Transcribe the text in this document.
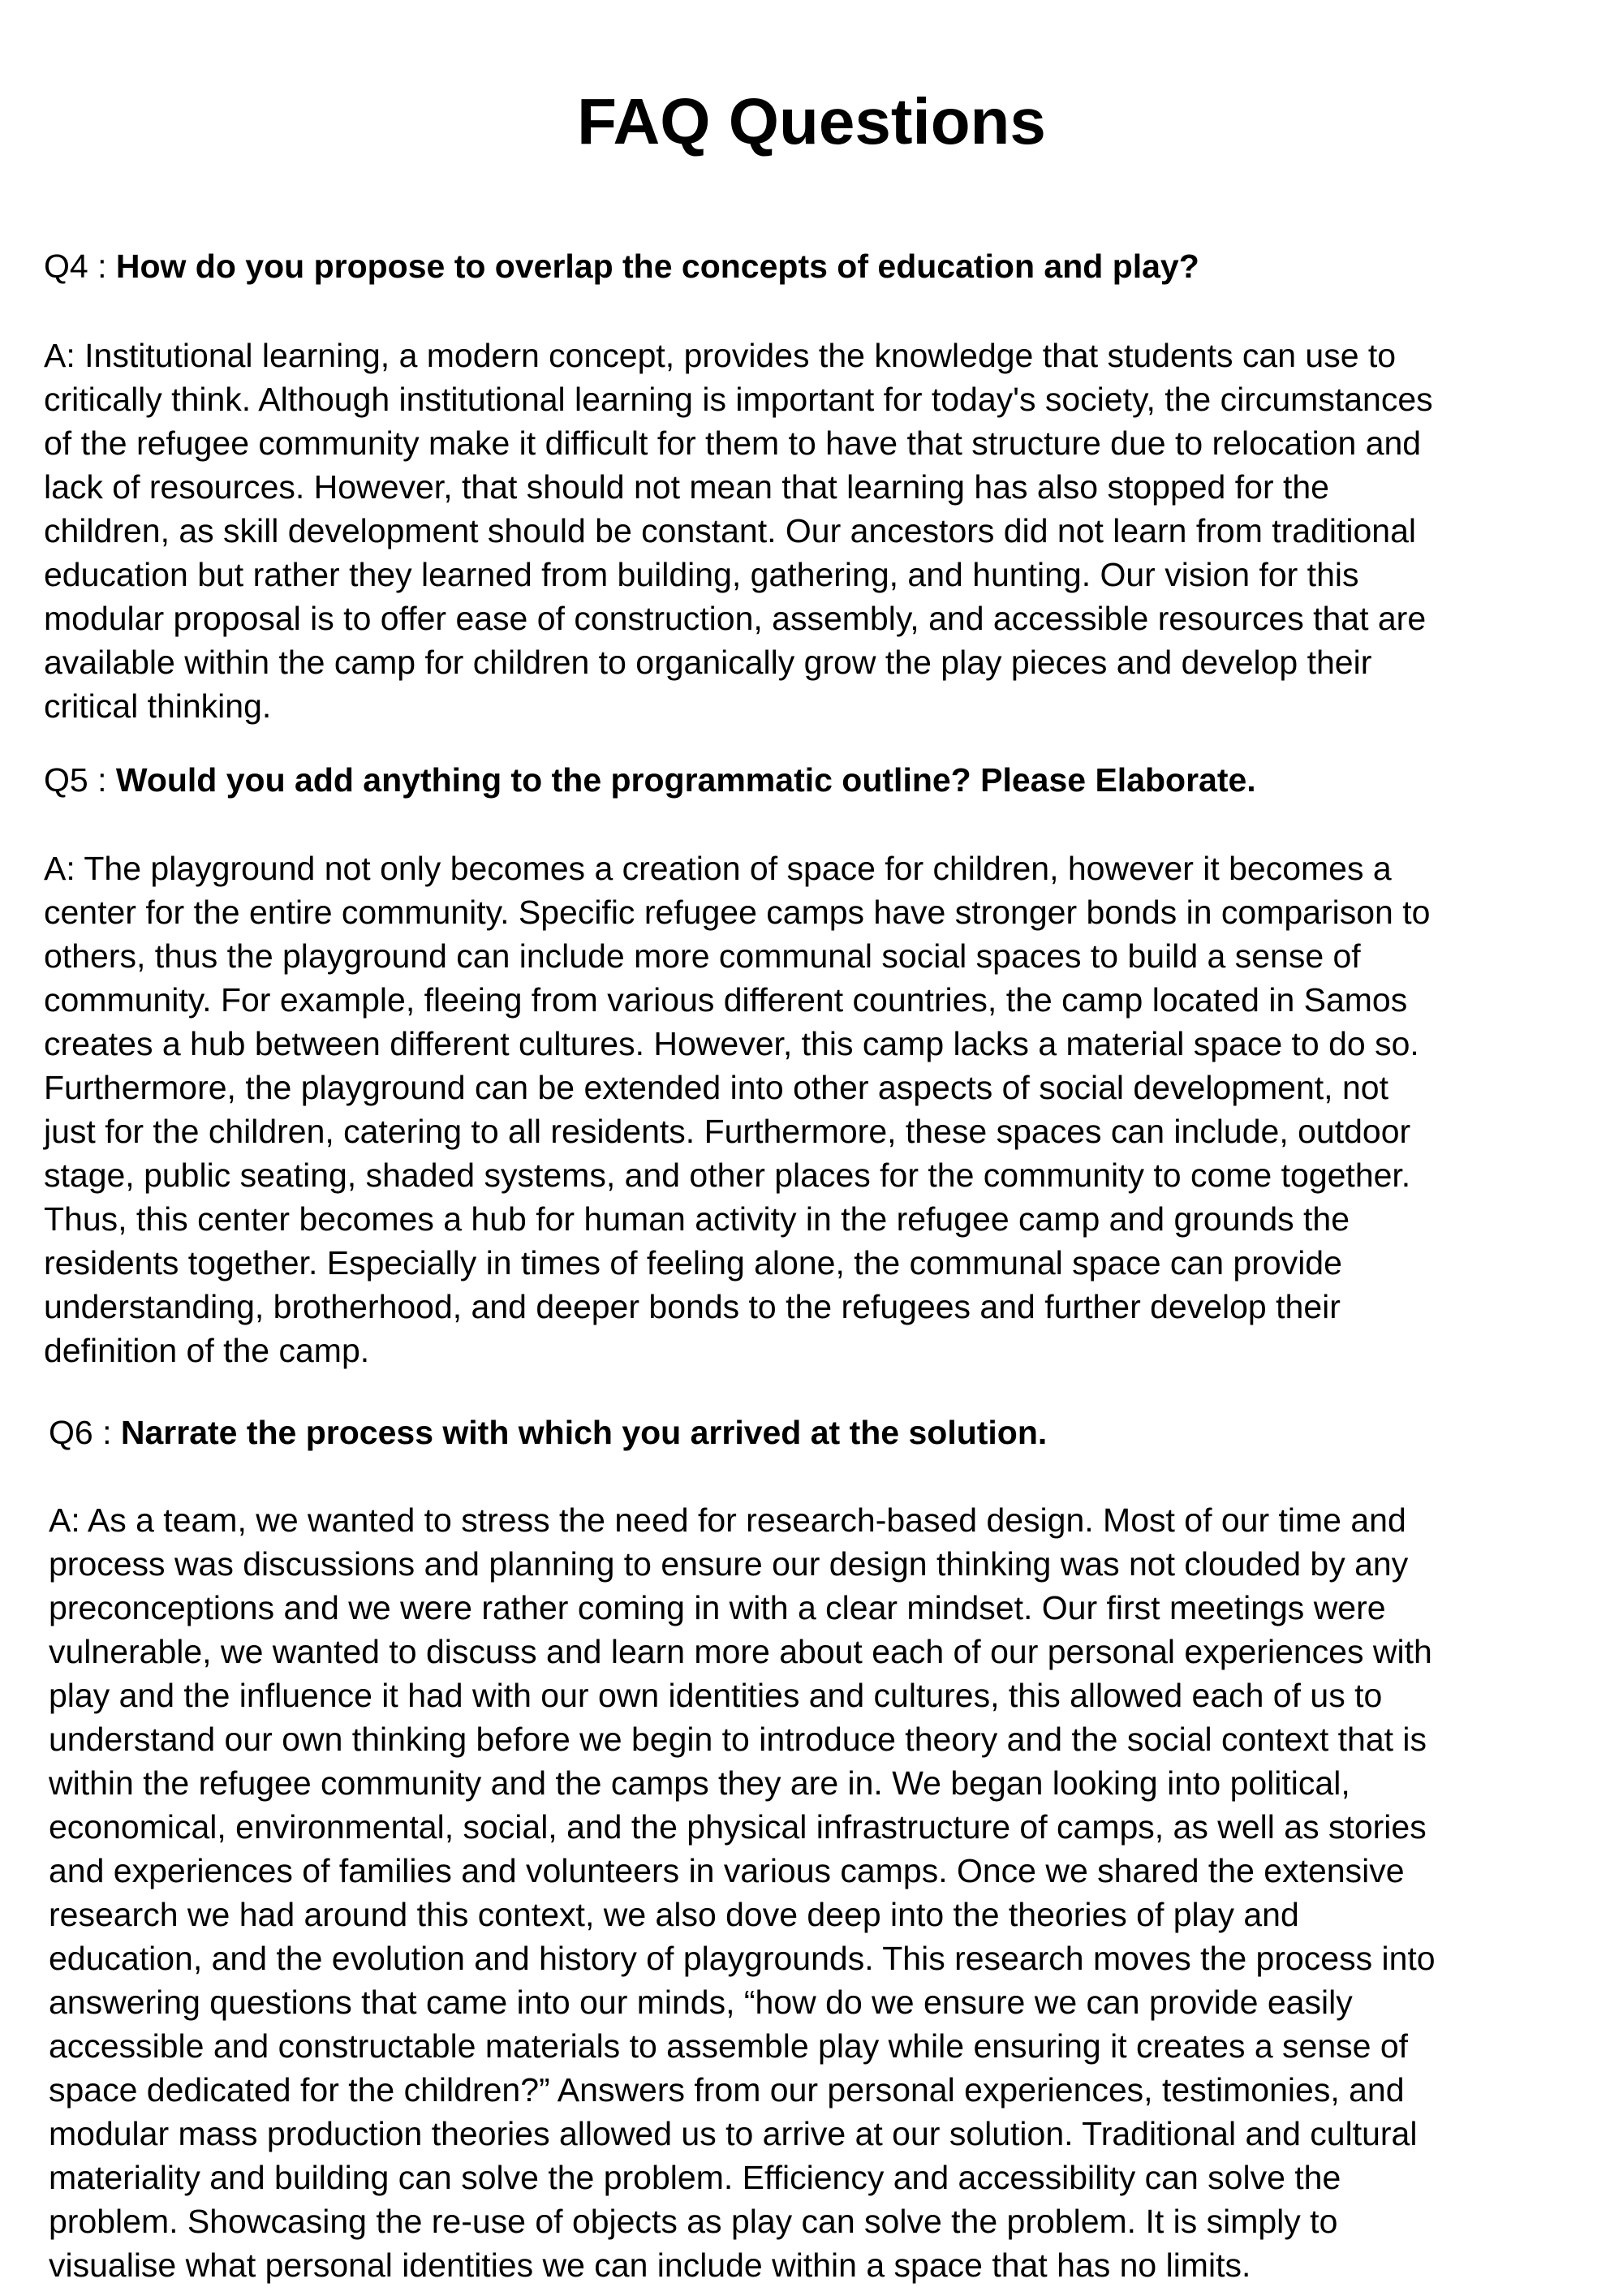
FAQ Questions

Q4 : How do you propose to overlap the concepts of education and play?

A: Institutional learning, a modern concept, provides the knowledge that students can use to
critically think. Although institutional learning is important for today's society, the circumstances
of the refugee community make it difficult for them to have that structure due to relocation and
lack of resources. However, that should not mean that learning has also stopped for the
children, as skill development should be constant. Our ancestors did not learn from traditional
education but rather they learned from building, gathering, and hunting. Our vision for this
modular proposal is to offer ease of construction, assembly, and accessible resources that are
available within the camp for children to organically grow the play pieces and develop their
critical thinking.

Q5 : Would you add anything to the programmatic outline? Please Elaborate.

A: The playground not only becomes a creation of space for children, however it becomes a
center for the entire community. Specific refugee camps have stronger bonds in comparison to
others, thus the playground can include more communal social spaces to build a sense of
community. For example, fleeing from various different countries, the camp located in Samos
creates a hub between different cultures. However, this camp lacks a material space to do so.
Furthermore, the playground can be extended into other aspects of social development, not
just for the children, catering to all residents. Furthermore, these spaces can include, outdoor
stage, public seating, shaded systems, and other places for the community to come together.
Thus, this center becomes a hub for human activity in the refugee camp and grounds the
residents together. Especially in times of feeling alone, the communal space can provide
understanding, brotherhood, and deeper bonds to the refugees and further develop their
definition of the camp.

Q6 : Narrate the process with which you arrived at the solution.

A: As a team, we wanted to stress the need for research-based design. Most of our time and
process was discussions and planning to ensure our design thinking was not clouded by any
preconceptions and we were rather coming in with a clear mindset. Our first meetings were
vulnerable, we wanted to discuss and learn more about each of our personal experiences with
play and the influence it had with our own identities and cultures, this allowed each of us to
understand our own thinking before we begin to introduce theory and the social context that is
within the refugee community and the camps they are in. We began looking into political,
economical, environmental, social, and the physical infrastructure of camps, as well as stories
and experiences of families and volunteers in various camps. Once we shared the extensive
research we had around this context, we also dove deep into the theories of play and
education, and the evolution and history of playgrounds. This research moves the process into
answering questions that came into our minds, “how do we ensure we can provide easily
accessible and constructable materials to assemble play while ensuring it creates a sense of
space dedicated for the children?” Answers from our personal experiences, testimonies, and
modular mass production theories allowed us to arrive at our solution. Traditional and cultural
materiality and building can solve the problem. Efficiency and accessibility can solve the
problem. Showcasing the re-use of objects as play can solve the problem. It is simply to
visualise what personal identities we can include within a space that has no limits.
